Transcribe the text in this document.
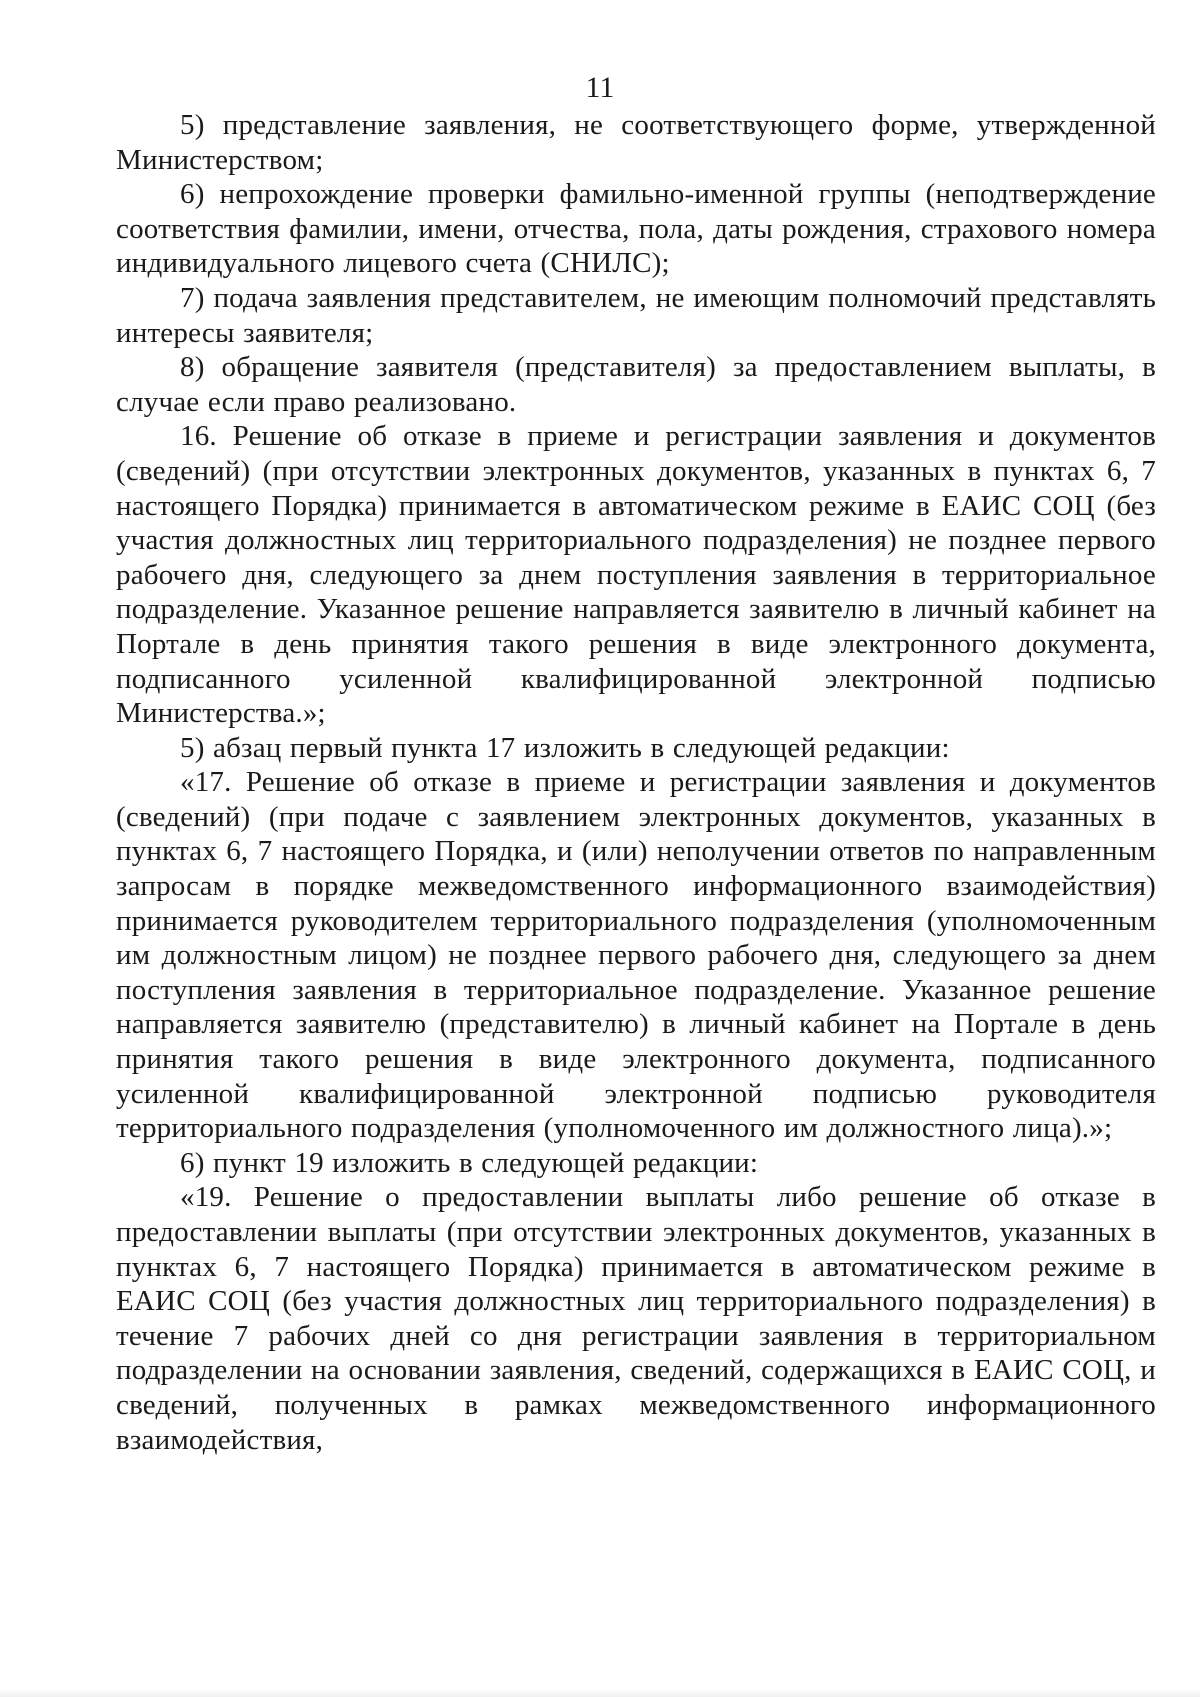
11

5) представление заявления, не соответствующего форме, утвержденной Министерством;

6) непрохождение проверки фамильно-именной группы (неподтверждение соответствия фамилии, имени, отчества, пола, даты рождения, страхового номера индивидуального лицевого счета (СНИЛС);

7) подача заявления представителем, не имеющим полномочий представлять интересы заявителя;

8) обращение заявителя (представителя) за предоставлением выплаты, в случае если право реализовано.

16. Решение об отказе в приеме и регистрации заявления и документов (сведений) (при отсутствии электронных документов, указанных в пунктах 6, 7 настоящего Порядка) принимается в автоматическом режиме в ЕАИС СОЦ (без участия должностных лиц территориального подразделения) не позднее первого рабочего дня, следующего за днем поступления заявления в территориальное подразделение. Указанное решение направляется заявителю в личный кабинет на Портале в день принятия такого решения в виде электронного документа, подписанного усиленной квалифицированной электронной подписью Министерства.»;

5) абзац первый пункта 17 изложить в следующей редакции:

«17. Решение об отказе в приеме и регистрации заявления и документов (сведений) (при подаче с заявлением электронных документов, указанных в пунктах 6, 7 настоящего Порядка, и (или) неполучении ответов по направленным запросам в порядке межведомственного информационного взаимодействия) принимается руководителем территориального подразделения (уполномоченным им должностным лицом) не позднее первого рабочего дня, следующего за днем поступления заявления в территориальное подразделение. Указанное решение направляется заявителю (представителю) в личный кабинет на Портале в день принятия такого решения в виде электронного документа, подписанного усиленной квалифицированной электронной подписью руководителя территориального подразделения (уполномоченного им должностного лица).»;

6) пункт 19 изложить в следующей редакции:

«19. Решение о предоставлении выплаты либо решение об отказе в предоставлении выплаты (при отсутствии электронных документов, указанных в пунктах 6, 7 настоящего Порядка) принимается в автоматическом режиме в ЕАИС СОЦ (без участия должностных лиц территориального подразделения) в течение 7 рабочих дней со дня регистрации заявления в территориальном подразделении на основании заявления, сведений, содержащихся в ЕАИС СОЦ, и сведений, полученных в рамках межведомственного информационного взаимодействия,
